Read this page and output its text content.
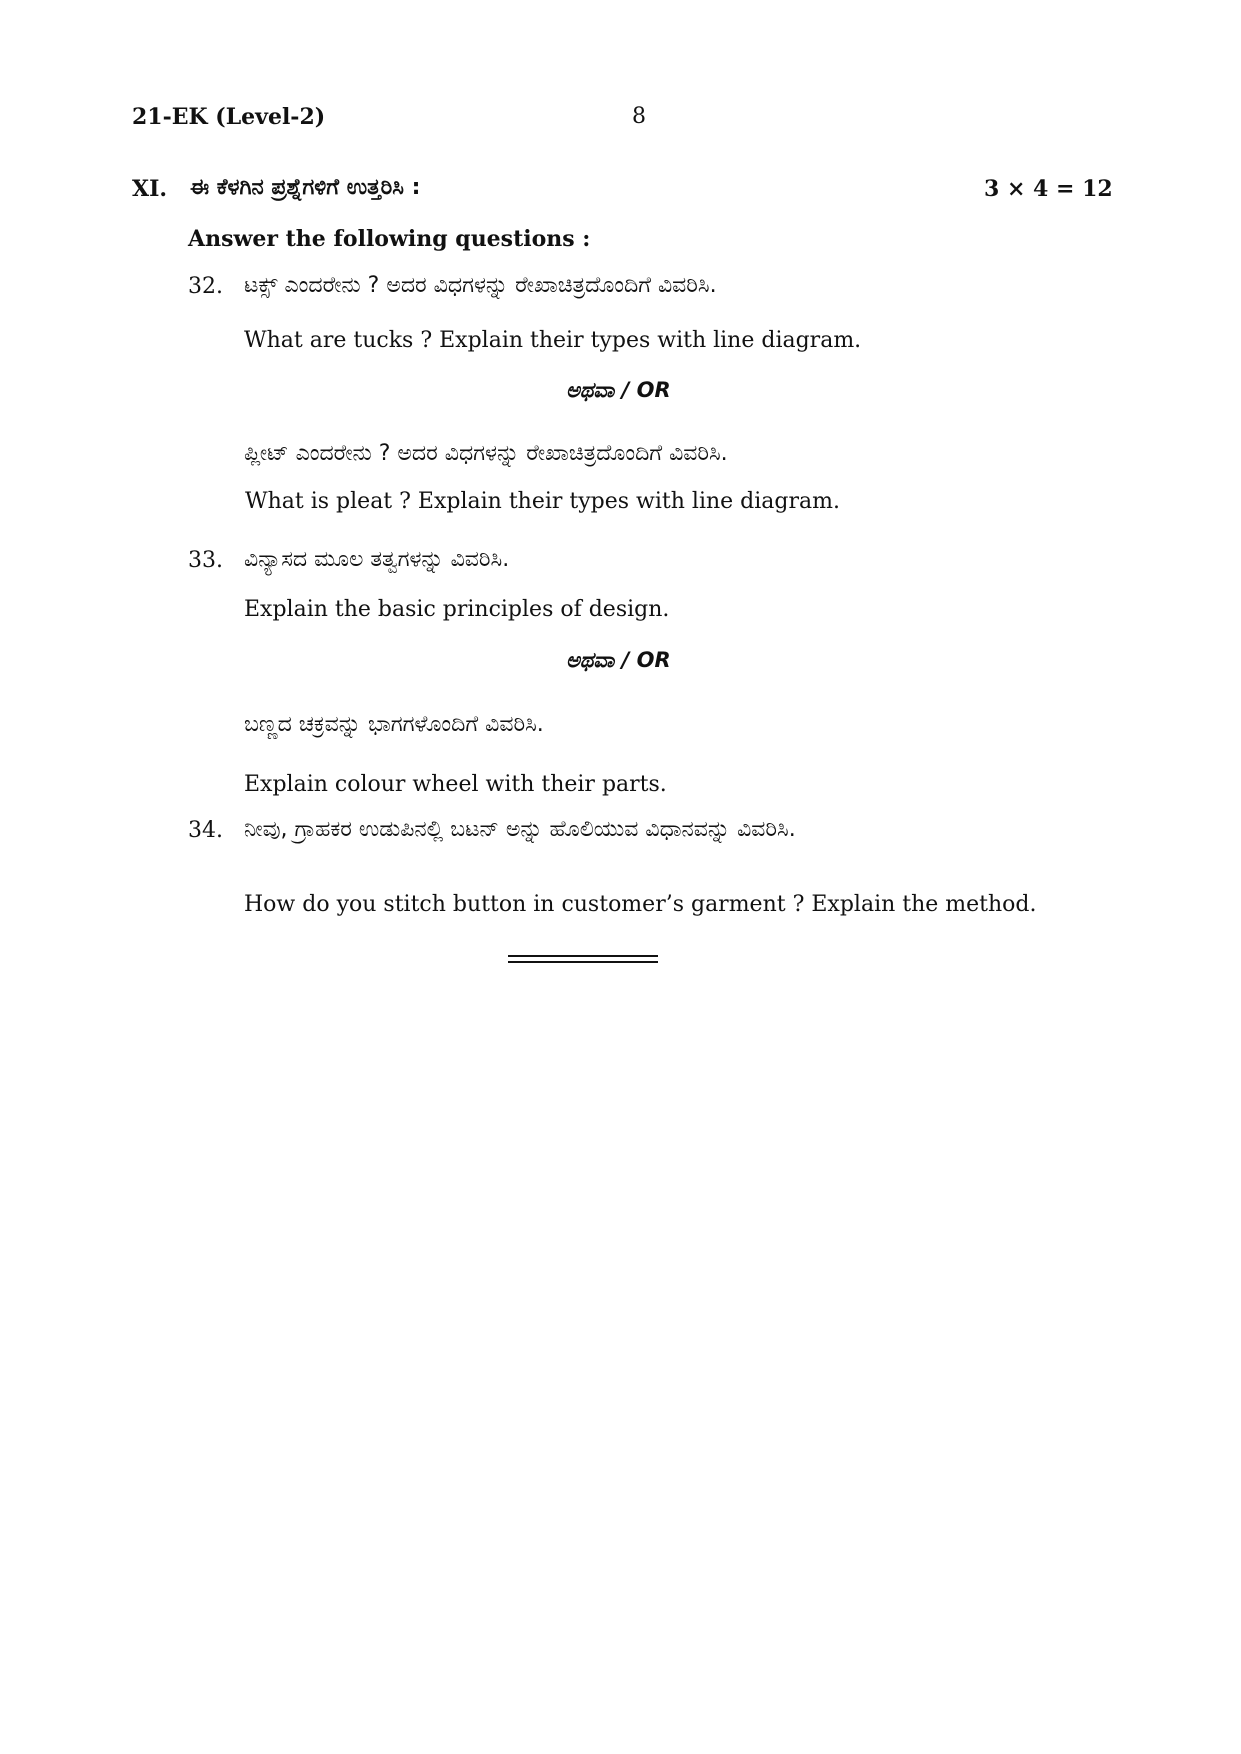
21-EK (Level-2)	8
XI. ಈ ಕೆಳಗಿನ ಪ್ರಶ್ನೆಗಳಿಗೆ ಉತ್ತರಿಸಿ :	3 × 4 = 12
Answer the following questions :
32. ಟಕ್ಸ್ ಎಂದರೇನು ? ಅದರ ವಿಧಗಳನ್ನು ರೇಖಾಚಿತ್ರದೊಂದಿಗೆ ವಿವರಿಸಿ.
What are tucks ? Explain their types with line diagram.
ಅಥವಾ / OR
ಪ್ಲೀಟ್ ಎಂದರೇನು ? ಅದರ ವಿಧಗಳನ್ನು ರೇಖಾಚಿತ್ರದೊಂದಿಗೆ ವಿವರಿಸಿ.
What is pleat ? Explain their types with line diagram.
33. ವಿನ್ಯಾಸದ ಮೂಲ ತತ್ವಗಳನ್ನು ವಿವರಿಸಿ.
Explain the basic principles of design.
ಅಥವಾ / OR
ಬಣ್ಣದ ಚಕ್ರವನ್ನು ಭಾಗಗಳೊಂದಿಗೆ ವಿವರಿಸಿ.
Explain colour wheel with their parts.
34. ನೀವು, ಗ್ರಾಹಕರ ಉಡುಪಿನಲ್ಲಿ ಬಟನ್ ಅನ್ನು ಹೊಲಿಯುವ ವಿಧಾನವನ್ನು ವಿವರಿಸಿ.
How do you stitch button in customer’s garment ? Explain the method.
